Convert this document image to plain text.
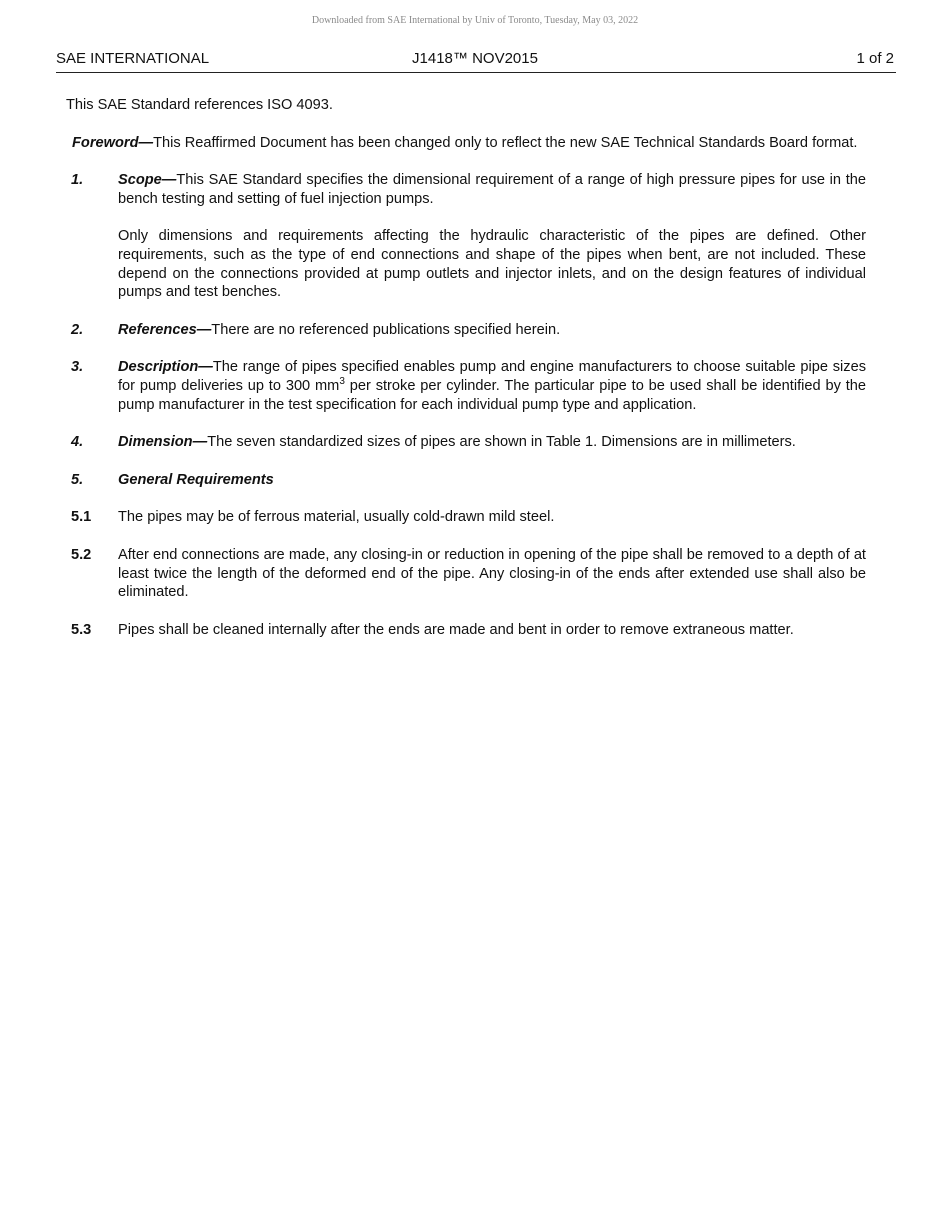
Downloaded from SAE International by Univ of Toronto, Tuesday, May 03, 2022
SAE INTERNATIONAL	J1418™ NOV2015	1 of 2

This SAE Standard references ISO 4093.

Foreword—This Reaffirmed Document has been changed only to reflect the new SAE Technical Standards Board format.

1. Scope—This SAE Standard specifies the dimensional requirement of a range of high pressure pipes for use in the bench testing and setting of fuel injection pumps.

Only dimensions and requirements affecting the hydraulic characteristic of the pipes are defined. Other requirements, such as the type of end connections and shape of the pipes when bent, are not included. These depend on the connections provided at pump outlets and injector inlets, and on the design features of individual pumps and test benches.

2. References—There are no referenced publications specified herein.

3. Description—The range of pipes specified enables pump and engine manufacturers to choose suitable pipe sizes for pump deliveries up to 300 $mm^3$ per stroke per cylinder. The particular pipe to be used shall be identified by the pump manufacturer in the test specification for each individual pump type and application.

4. Dimension—The seven standardized sizes of pipes are shown in Table 1. Dimensions are in millimeters.

5. General Requirements

5.1 The pipes may be of ferrous material, usually cold-drawn mild steel.

5.2 After end connections are made, any closing-in or reduction in opening of the pipe shall be removed to a depth of at least twice the length of the deformed end of the pipe. Any closing-in of the ends after extended use shall also be eliminated.

5.3 Pipes shall be cleaned internally after the ends are made and bent in order to remove extraneous matter.
